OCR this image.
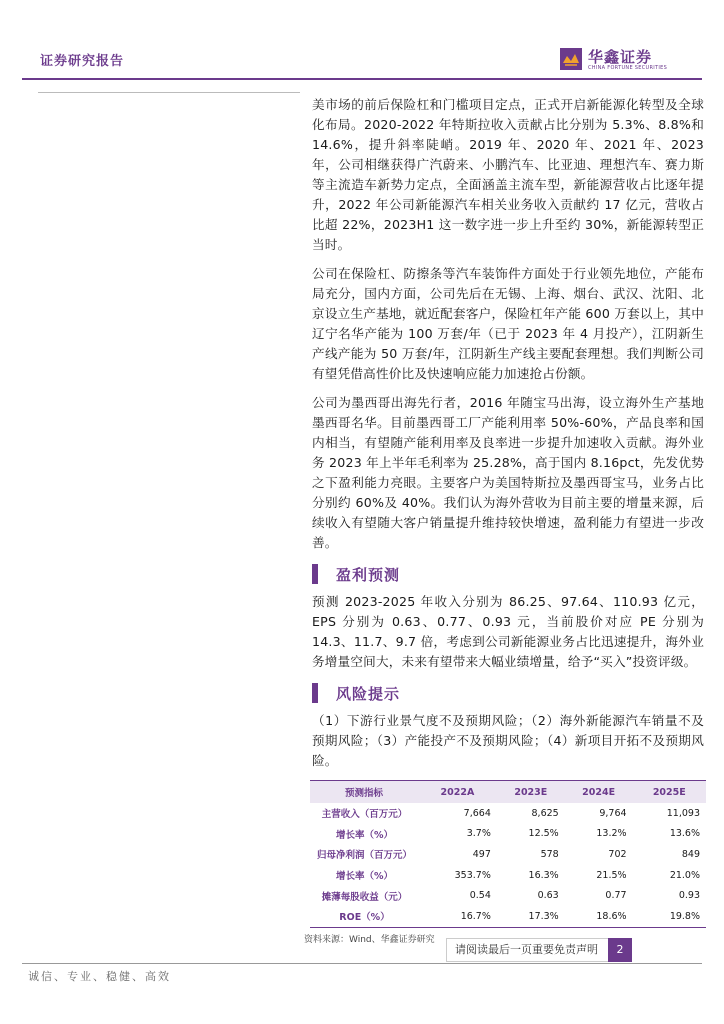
证券研究报告	华鑫证券
CHINA FORTUNE SECURITIES

美市场的前后保险杠和门槛项目定点，正式开启新能源化转型及全球化布局。2020-2022 年特斯拉收入贡献占比分别为 5.3%、8.8%和 14.6%，提升斜率陡峭。2019 年、2020 年、2021 年、2023 年，公司相继获得广汽蔚来、小鹏汽车、比亚迪、理想汽车、赛力斯等主流造车新势力定点，全面涵盖主流车型，新能源营收占比逐年提升，2022 年公司新能源汽车相关业务收入贡献约 17 亿元，营收占比超 22%，2023H1 这一数字进一步上升至约 30%，新能源转型正当时。

公司在保险杠、防擦条等汽车装饰件方面处于行业领先地位，产能布局充分，国内方面，公司先后在无锡、上海、烟台、武汉、沈阳、北京设立生产基地，就近配套客户，保险杠年产能 600 万套以上，其中辽宁名华产能为 100 万套/年（已于 2023 年 4 月投产），江阴新生产线产能为 50 万套/年，江阴新生产线主要配套理想。我们判断公司有望凭借高性价比及快速响应能力加速抢占份额。

公司为墨西哥出海先行者，2016 年随宝马出海，设立海外生产基地墨西哥名华。目前墨西哥工厂产能利用率 50%-60%，产品良率和国内相当，有望随产能利用率及良率进一步提升加速收入贡献。海外业务 2023 年上半年毛利率为 25.28%，高于国内 8.16pct，先发优势之下盈利能力亮眼。主要客户为美国特斯拉及墨西哥宝马，业务占比分别约 60%及 40%。我们认为海外营收为目前主要的增量来源，后续收入有望随大客户销量提升维持较快增速，盈利能力有望进一步改善。

盈利预测

预测 2023-2025 年收入分别为 86.25、97.64、110.93 亿元，EPS 分别为 0.63、0.77、0.93 元，当前股价对应 PE 分别为 14.3、11.7、9.7 倍，考虑到公司新能源业务占比迅速提升，海外业务增量空间大，未来有望带来大幅业绩增量，给予“买入”投资评级。

风险提示

（1）下游行业景气度不及预期风险；（2）海外新能源汽车销量不及预期风险；（3）产能投产不及预期风险；（4）新项目开拓不及预期风险。

预测指标	2022A	2023E	2024E	2025E
主营收入（百万元）	7,664	8,625	9,764	11,093
增长率（%）	3.7%	12.5%	13.2%	13.6%
归母净利润（百万元）	497	578	702	849
增长率（%）	353.7%	16.3%	21.5%	21.0%
摊薄每股收益（元）	0.54	0.63	0.77	0.93
ROE（%）	16.7%	17.3%	18.6%	19.8%
资料来源：Wind、华鑫证券研究
请阅读最后一页重要免责声明	2
诚信、专业、稳健、高效
